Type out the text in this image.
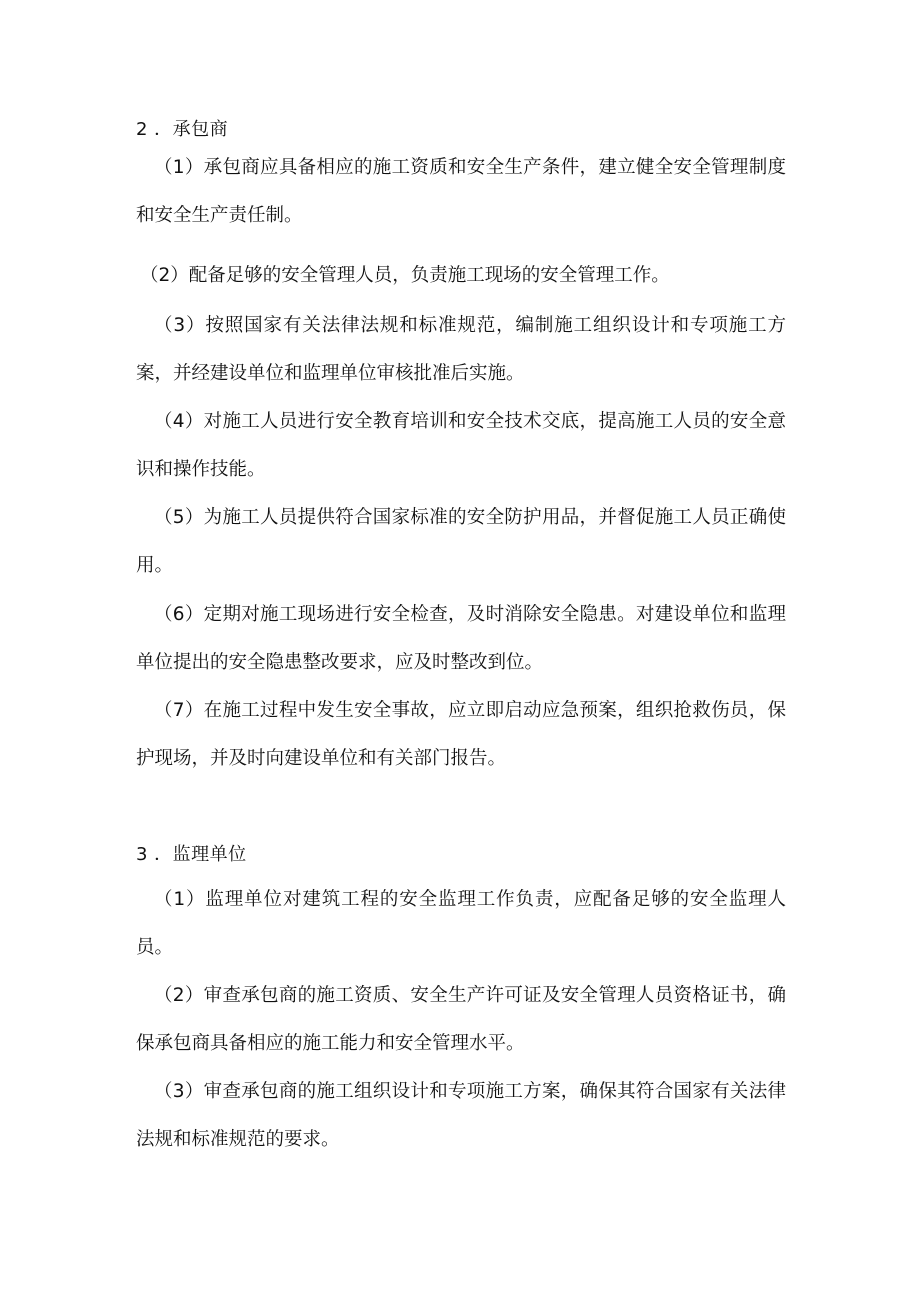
2 ．承包商

（1）承包商应具备相应的施工资质和安全生产条件，建立健全安全管理制度和安全生产责任制。

（2）配备足够的安全管理人员，负责施工现场的安全管理工作。

（3）按照国家有关法律法规和标准规范，编制施工组织设计和专项施工方案，并经建设单位和监理单位审核批准后实施。

（4）对施工人员进行安全教育培训和安全技术交底，提高施工人员的安全意识和操作技能。

（5）为施工人员提供符合国家标准的安全防护用品，并督促施工人员正确使用。

（6）定期对施工现场进行安全检查，及时消除安全隐患。对建设单位和监理单位提出的安全隐患整改要求，应及时整改到位。

（7）在施工过程中发生安全事故，应立即启动应急预案，组织抢救伤员，保护现场，并及时向建设单位和有关部门报告。

3 ．监理单位

（1）监理单位对建筑工程的安全监理工作负责，应配备足够的安全监理人员。

（2）审查承包商的施工资质、安全生产许可证及安全管理人员资格证书，确保承包商具备相应的施工能力和安全管理水平。

（3）审查承包商的施工组织设计和专项施工方案，确保其符合国家有关法律法规和标准规范的要求。
